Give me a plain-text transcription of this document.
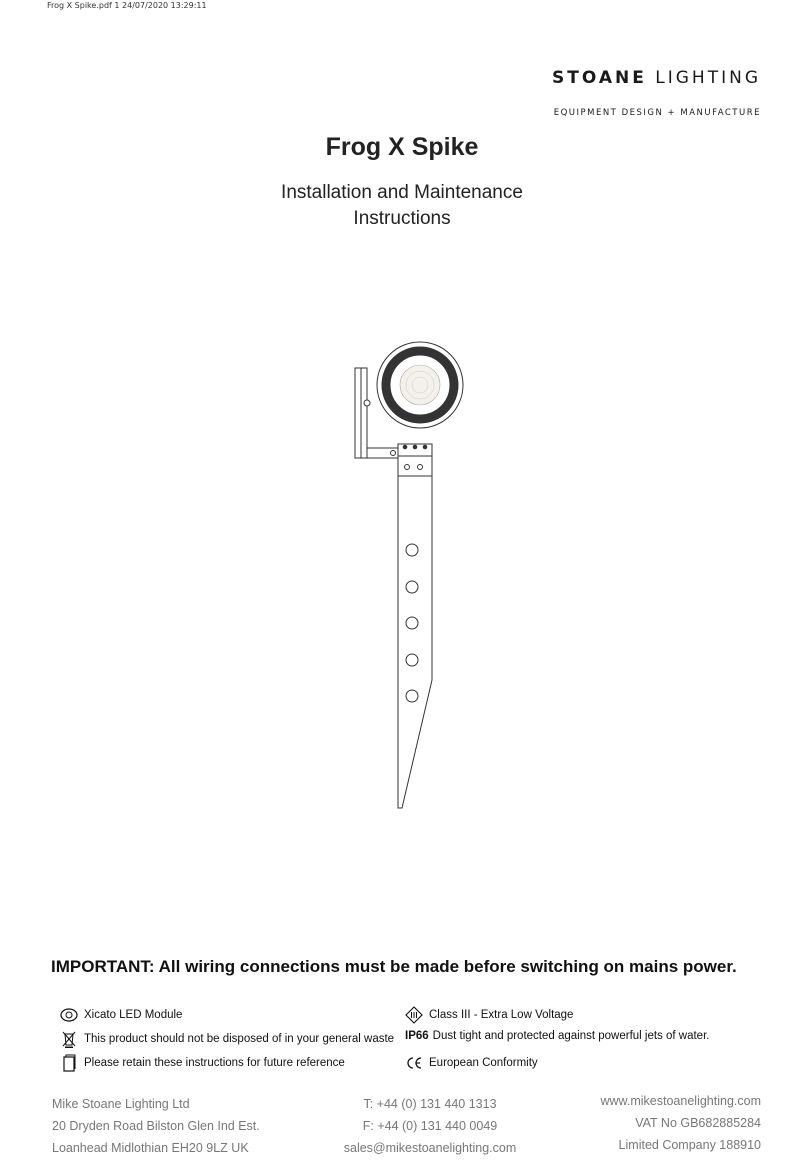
Frog X Spike.pdf 1 24/07/2020 13:29:11
STOANE LIGHTING
EQUIPMENT DESIGN + MANUFACTURE
Frog X Spike
Installation and Maintenance
Instructions
IMPORTANT: All wiring connections must be made before switching on mains power.
Xicato LED Module
This product should not be disposed of in your general waste
Please retain these instructions for future reference
Class III - Extra Low Voltage
IP66 Dust tight and protected against powerful jets of water.
European Conformity
Mike Stoane Lighting Ltd
20 Dryden Road Bilston Glen Ind Est.
Loanhead Midlothian EH20 9LZ UK
T: +44 (0) 131 440 1313
F: +44 (0) 131 440 0049
sales@mikestoanelighting.com
www.mikestoanelighting.com
VAT No GB682885284
Limited Company 188910
